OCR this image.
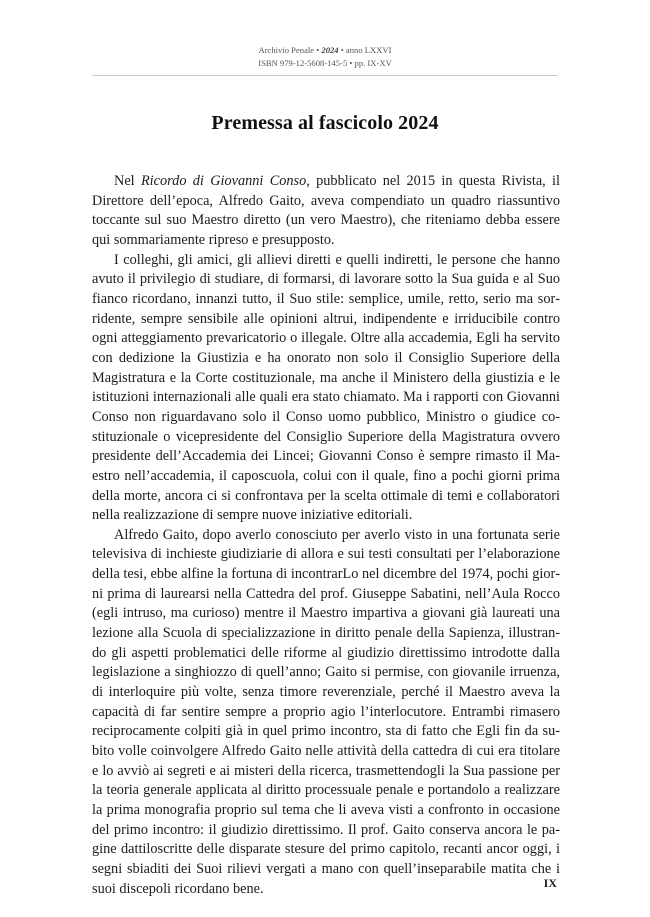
Archivio Penale • 2024 • anno LXXVI
ISBN 979-12-5608-145-5 • pp. IX-XV
Premessa al fascicolo 2024

Nel Ricordo di Giovanni Conso, pubblicato nel 2015 in questa Rivista, il Direttore dell’epoca, Alfredo Gaito, aveva compendiato un quadro riassuntivo toccante sul suo Maestro diretto (un vero Maestro), che riteniamo debba essere qui sommariamente ripreso e presupposto.

I colleghi, gli amici, gli allievi diretti e quelli indiretti, le persone che hanno avuto il privilegio di studiare, di formarsi, di lavorare sotto la Sua guida e al Suo fianco ricordano, innanzi tutto, il Suo stile: semplice, umile, retto, serio ma sorridente, sempre sensibile alle opinioni altrui, indipendente e irriducibile contro ogni atteggiamento prevaricatorio o illegale. Oltre alla accademia, Egli ha servito con dedizione la Giustizia e ha onorato non solo il Consiglio Superiore della Magistratura e la Corte costituzionale, ma anche il Ministero della giustizia e le istituzioni internazionali alle quali era stato chiamato. Ma i rapporti con Giovanni Conso non riguardavano solo il Conso uomo pubblico, Ministro o giudice costituzionale o vicepresidente del Consiglio Superiore della Magistratura ovvero presidente dell’Accademia dei Lincei; Giovanni Conso è sempre rimasto il Maestro nell’accademia, il caposcuola, colui con il quale, fino a pochi giorni prima della morte, ancora ci si confrontava per la scelta ottimale di temi e collaboratori nella realizzazione di sempre nuove iniziative editoriali.

Alfredo Gaito, dopo averlo conosciuto per averlo visto in una fortunata serie televisiva di inchieste giudiziarie di allora e sui testi consultati per l’elaborazione della tesi, ebbe alfine la fortuna di incontrarLo nel dicembre del 1974, pochi giorni prima di laurearsi nella Cattedra del prof. Giuseppe Sabatini, nell’Aula Rocco (egli intruso, ma curioso) mentre il Maestro impartiva a giovani già laureati una lezione alla Scuola di specializzazione in diritto penale della Sapienza, illustrando gli aspetti problematici delle riforme al giudizio direttissimo introdotte dalla legislazione a singhiozzo di quell’anno; Gaito si permise, con giovanile irruenza, di interloquire più volte, senza timore reverenziale, perché il Maestro aveva la capacità di far sentire sempre a proprio agio l’interlocutore. Entrambi rimasero reciprocamente colpiti già in quel primo incontro, sta di fatto che Egli fin da subito volle coinvolgere Alfredo Gaito nelle attività della cattedra di cui era titolare e lo avviò ai segreti e ai misteri della ricerca, trasmettendogli la Sua passione per la teoria generale applicata al diritto processuale penale e portandolo a realizzare la prima monografia proprio sul tema che li aveva visti a confronto in occasione del primo incontro: il giudizio direttissimo. Il prof. Gaito conserva ancora le pagine dattiloscritte delle disparate stesure del primo capitolo, recanti ancor oggi, i segni sbiaditi dei Suoi rilievi vergati a mano con quell’inseparabile matita che i suoi discepoli ricordano bene.	IX
